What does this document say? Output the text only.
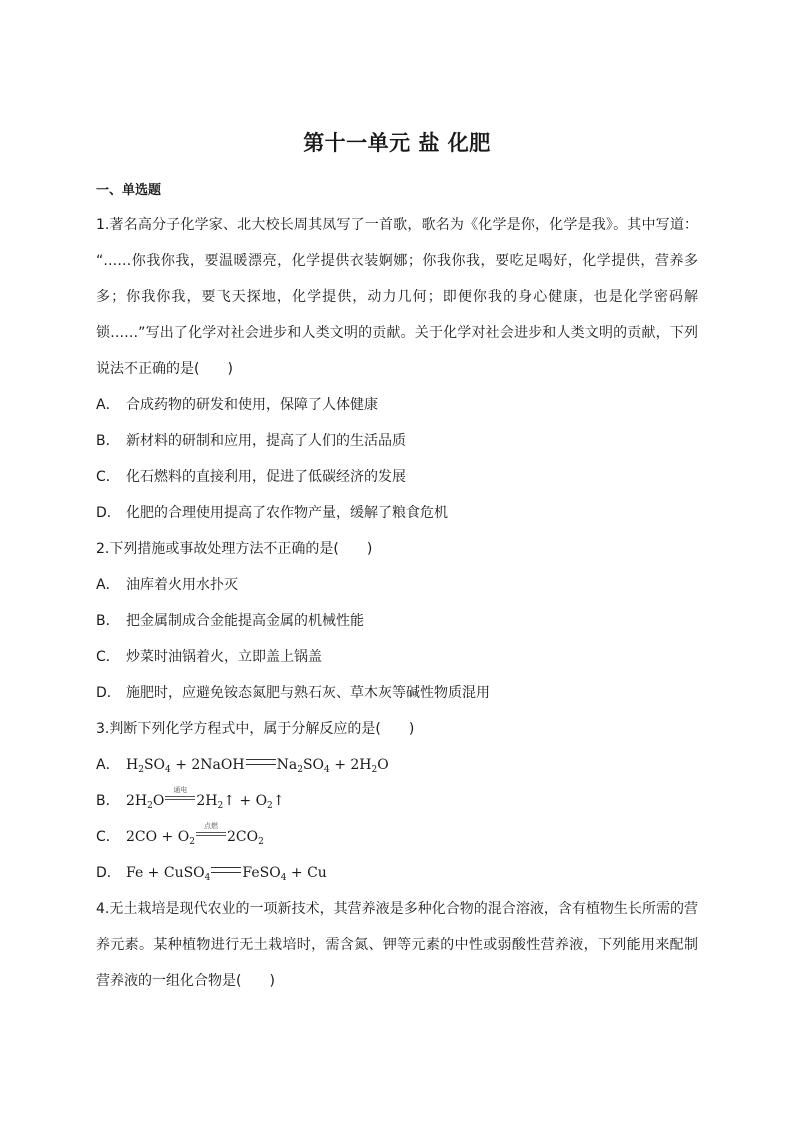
第十一单元 盐 化肥
一、单选题
1.著名高分子化学家、北大校长周其凤写了一首歌，歌名为《化学是你，化学是我》。其中写道：
“……你我你我，要温暖漂亮，化学提供衣装婀娜；你我你我，要吃足喝好，化学提供，营养多
多；你我你我，要飞天探地，化学提供，动力几何；即便你我的身心健康，也是化学密码解
锁……”写出了化学对社会进步和人类文明的贡献。关于化学对社会进步和人类文明的贡献，下列
说法不正确的是(　　)
A． 合成药物的研发和使用，保障了人体健康
B． 新材料的研制和应用，提高了人们的生活品质
C． 化石燃料的直接利用，促进了低碳经济的发展
D． 化肥的合理使用提高了农作物产量，缓解了粮食危机
2.下列措施或事故处理方法不正确的是(　　)
A． 油库着火用水扑灭
B． 把金属制成合金能提高金属的机械性能
C． 炒菜时油锅着火，立即盖上锅盖
D． 施肥时，应避免铵态氮肥与熟石灰、草木灰等碱性物质混用
3.判断下列化学方程式中，属于分解反应的是(　　)
A． $H_2SO_4$ + 2NaOH $Na_2SO_4 + 2H_2O$
B． $2H_2O$
通电
$2H_2↑$ + $O_2↑$
C． $2CO + O_2$
点燃
$2CO_2$
D． Fe + CuSO$_4$ FeSO$_4$ + Cu
4.无土栽培是现代农业的一项新技术，其营养液是多种化合物的混合溶液，含有植物生长所需的营
养元素。某种植物进行无土栽培时，需含氮、钾等元素的中性或弱酸性营养液，下列能用来配制
营养液的一组化合物是(　　)
